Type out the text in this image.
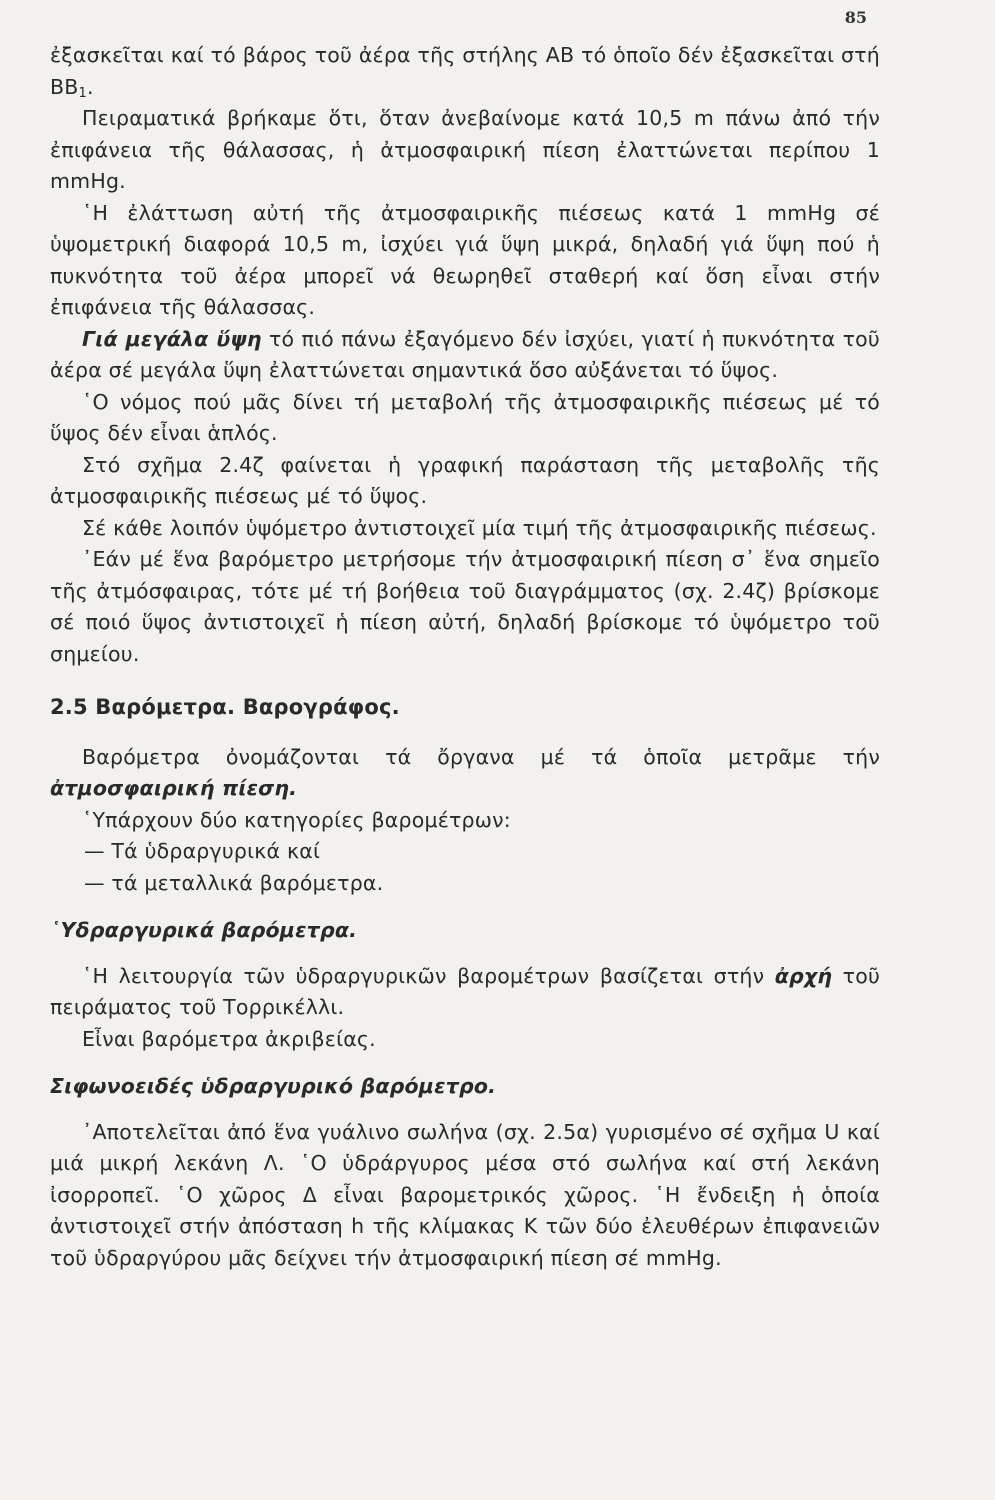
85

ἐξασκεῖται καί τό βάρος τοῦ ἀέρα τῆς στήλης ΑΒ τό ὁποῖο δέν ἐξασκεῖται στή $BB_1$.

Πειραματικά βρήκαμε ὅτι, ὅταν ἀνεβαίνομε κατά 10,5 m πάνω ἀπό τήν ἐπιφάνεια τῆς θάλασσας, ἡ ἀτμοσφαιρική πίεση ἐλαττώνεται περίπου 1 mmHg.

῾Η ἐλάττωση αὐτή τῆς ἀτμοσφαιρικῆς πιέσεως κατά 1 mmHg σέ ὑψομετρική διαφορά 10,5 m, ἰσχύει γιά ὕψη μικρά, δηλαδή γιά ὕψη πού ἡ πυκνότητα τοῦ ἀέρα μπορεῖ νά θεωρηθεῖ σταθερή καί ὅση εἶναι στήν ἐπιφάνεια τῆς θάλασσας.

Γιά μεγάλα ὕψη τό πιό πάνω ἐξαγόμενο δέν ἰσχύει, γιατί ἡ πυκνότητα τοῦ ἀέρα σέ μεγάλα ὕψη ἐλαττώνεται σημαντικά ὅσο αὐξάνεται τό ὕψος.

῾Ο νόμος πού μᾶς δίνει τή μεταβολή τῆς ἀτμοσφαιρικῆς πιέσεως μέ τό ὕψος δέν εἶναι ἁπλός.

Στό σχῆμα 2.4ζ φαίνεται ἡ γραφική παράσταση τῆς μεταβολῆς τῆς ἀτμοσφαιρικῆς πιέσεως μέ τό ὕψος.

Σέ κάθε λοιπόν ὑψόμετρο ἀντιστοιχεῖ μία τιμή τῆς ἀτμοσφαιρικῆς πιέσεως.

᾿Εάν μέ ἕνα βαρόμετρο μετρήσομε τήν ἀτμοσφαιρική πίεση σ᾿ ἕνα σημεῖο τῆς ἀτμόσφαιρας, τότε μέ τή βοήθεια τοῦ διαγράμματος (σχ. 2.4ζ) βρίσκομε σέ ποιό ὕψος ἀντιστοιχεῖ ἡ πίεση αὐτή, δηλαδή βρίσκομε τό ὑψόμετρο τοῦ σημείου.

2.5 Βαρόμετρα. Βαρογράφος.

Βαρόμετρα ὀνομάζονται τά ὄργανα μέ τά ὁποῖα μετρᾶμε τήν ἀτμοσφαιρική πίεση.

῾Υπάρχουν δύο κατηγορίες βαρομέτρων:

— Τά ὑδραργυρικά καί

— τά μεταλλικά βαρόμετρα.

῾Υδραργυρικά βαρόμετρα.

῾Η λειτουργία τῶν ὑδραργυρικῶν βαρομέτρων βασίζεται στήν ἀρχή τοῦ πειράματος τοῦ Τορρικέλλι.

Εἶναι βαρόμετρα ἀκριβείας.

Σιφωνοειδές ὑδραργυρικό βαρόμετρο.

᾿Αποτελεῖται ἀπό ἕνα γυάλινο σωλήνα (σχ. 2.5α) γυρισμένο σέ σχῆμα U καί μιά μικρή λεκάνη Λ. ῾Ο ὑδράργυρος μέσα στό σωλήνα καί στή λεκάνη ἰσορροπεῖ. ῾Ο χῶρος Δ εἶναι βαρομετρικός χῶρος. ῾Η ἔνδειξη ἡ ὁποία ἀντιστοιχεῖ στήν ἀπόσταση h τῆς κλίμακας Κ τῶν δύο ἐλευθέρων ἐπιφανειῶν τοῦ ὑδραργύρου μᾶς δείχνει τήν ἀτμοσφαιρική πίεση σέ mmHg.
